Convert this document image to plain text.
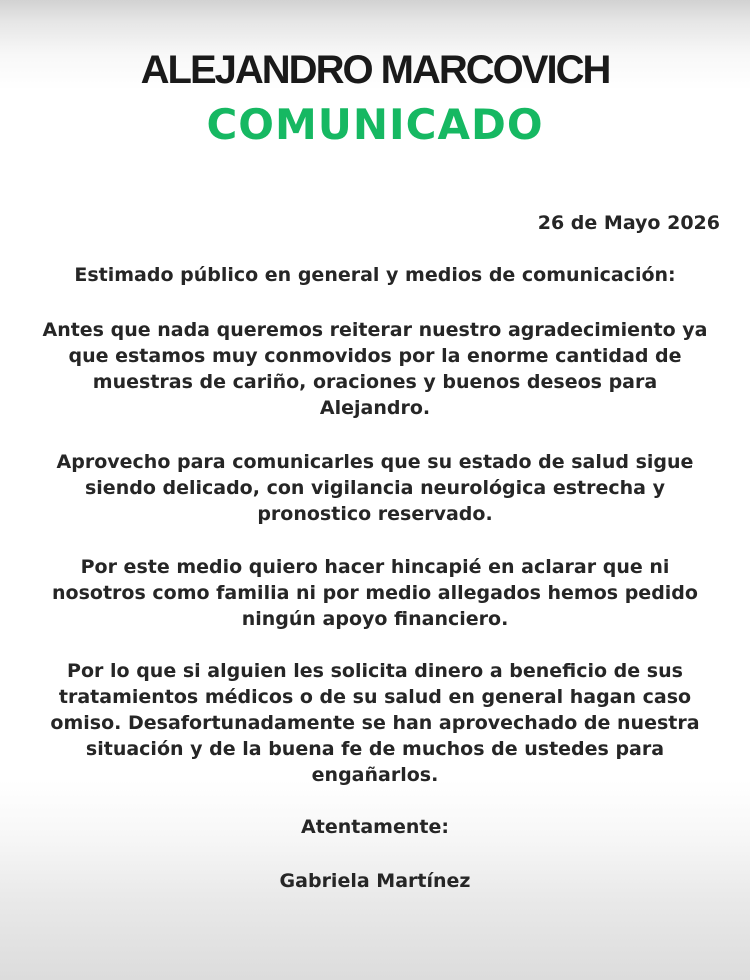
ALEJANDRO MARCOVICH
COMUNICADO
26 de Mayo 2026
Estimado público en general y medios de comunicación:

Antes que nada queremos reiterar nuestro agradecimiento ya
que estamos muy conmovidos por la enorme cantidad de
muestras de cariño, oraciones y buenos deseos para
Alejandro.

Aprovecho para comunicarles que su estado de salud sigue
siendo delicado, con vigilancia neurológica estrecha y
pronostico reservado.

Por este medio quiero hacer hincapié en aclarar que ni
nosotros como familia ni por medio allegados hemos pedido
ningún apoyo financiero.

Por lo que si alguien les solicita dinero a beneficio de sus
tratamientos médicos o de su salud en general hagan caso
omiso. Desafortunadamente se han aprovechado de nuestra
situación y de la buena fe de muchos de ustedes para
engañarlos.

Atentamente:
Gabriela Martínez
